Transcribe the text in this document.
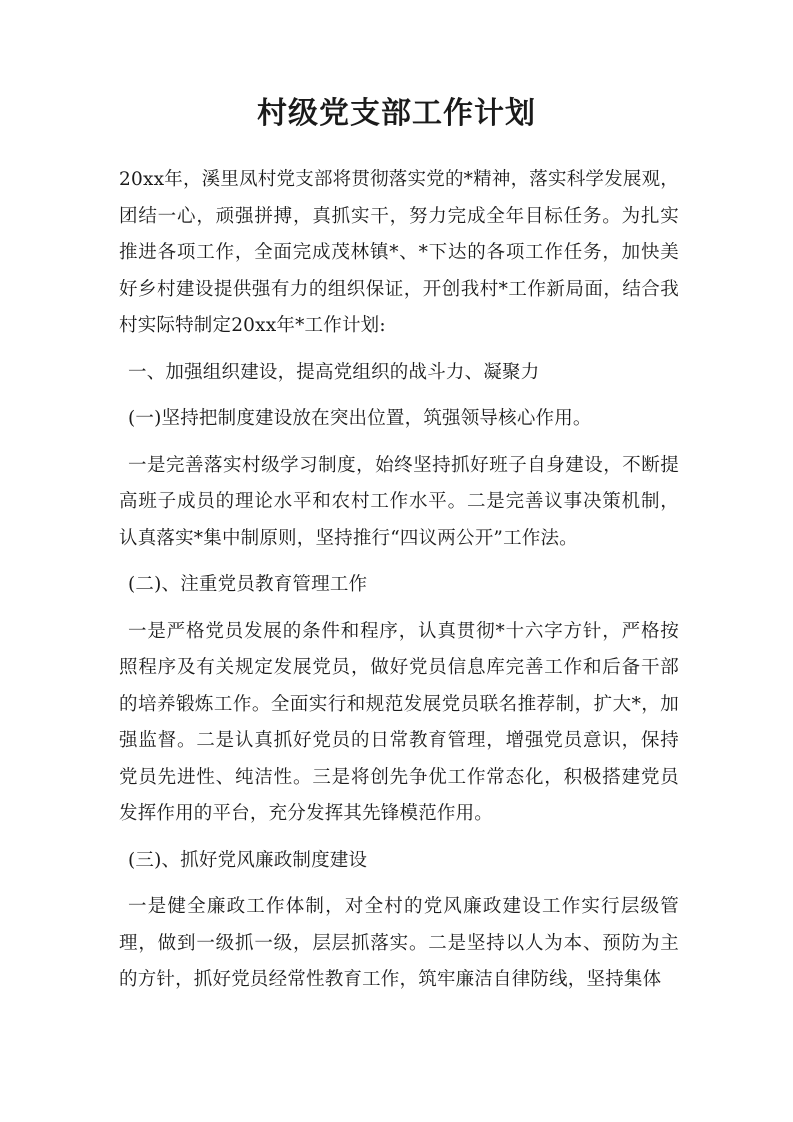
村级党支部工作计划

20xx年，溪里凤村党支部将贯彻落实党的*精神，落实科学发展观，团结一心，顽强拼搏，真抓实干，努力完成全年目标任务。为扎实推进各项工作，全面完成茂林镇*、*下达的各项工作任务，加快美好乡村建设提供强有力的组织保证，开创我村*工作新局面，结合我村实际特制定20xx年*工作计划:

一、加强组织建设，提高党组织的战斗力、凝聚力

(一)坚持把制度建设放在突出位置，筑强领导核心作用。

一是完善落实村级学习制度，始终坚持抓好班子自身建设，不断提高班子成员的理论水平和农村工作水平。二是完善议事决策机制，认真落实*集中制原则，坚持推行“四议两公开”工作法。

(二)、注重党员教育管理工作

一是严格党员发展的条件和程序，认真贯彻*十六字方针，严格按照程序及有关规定发展党员，做好党员信息库完善工作和后备干部的培养锻炼工作。全面实行和规范发展党员联名推荐制，扩大*，加强监督。二是认真抓好党员的日常教育管理，增强党员意识，保持党员先进性、纯洁性。三是将创先争优工作常态化，积极搭建党员发挥作用的平台，充分发挥其先锋模范作用。

(三)、抓好党风廉政制度建设

一是健全廉政工作体制，对全村的党风廉政建设工作实行层级管理，做到一级抓一级，层层抓落实。二是坚持以人为本、预防为主的方针，抓好党员经常性教育工作，筑牢廉洁自律防线，坚持集体
